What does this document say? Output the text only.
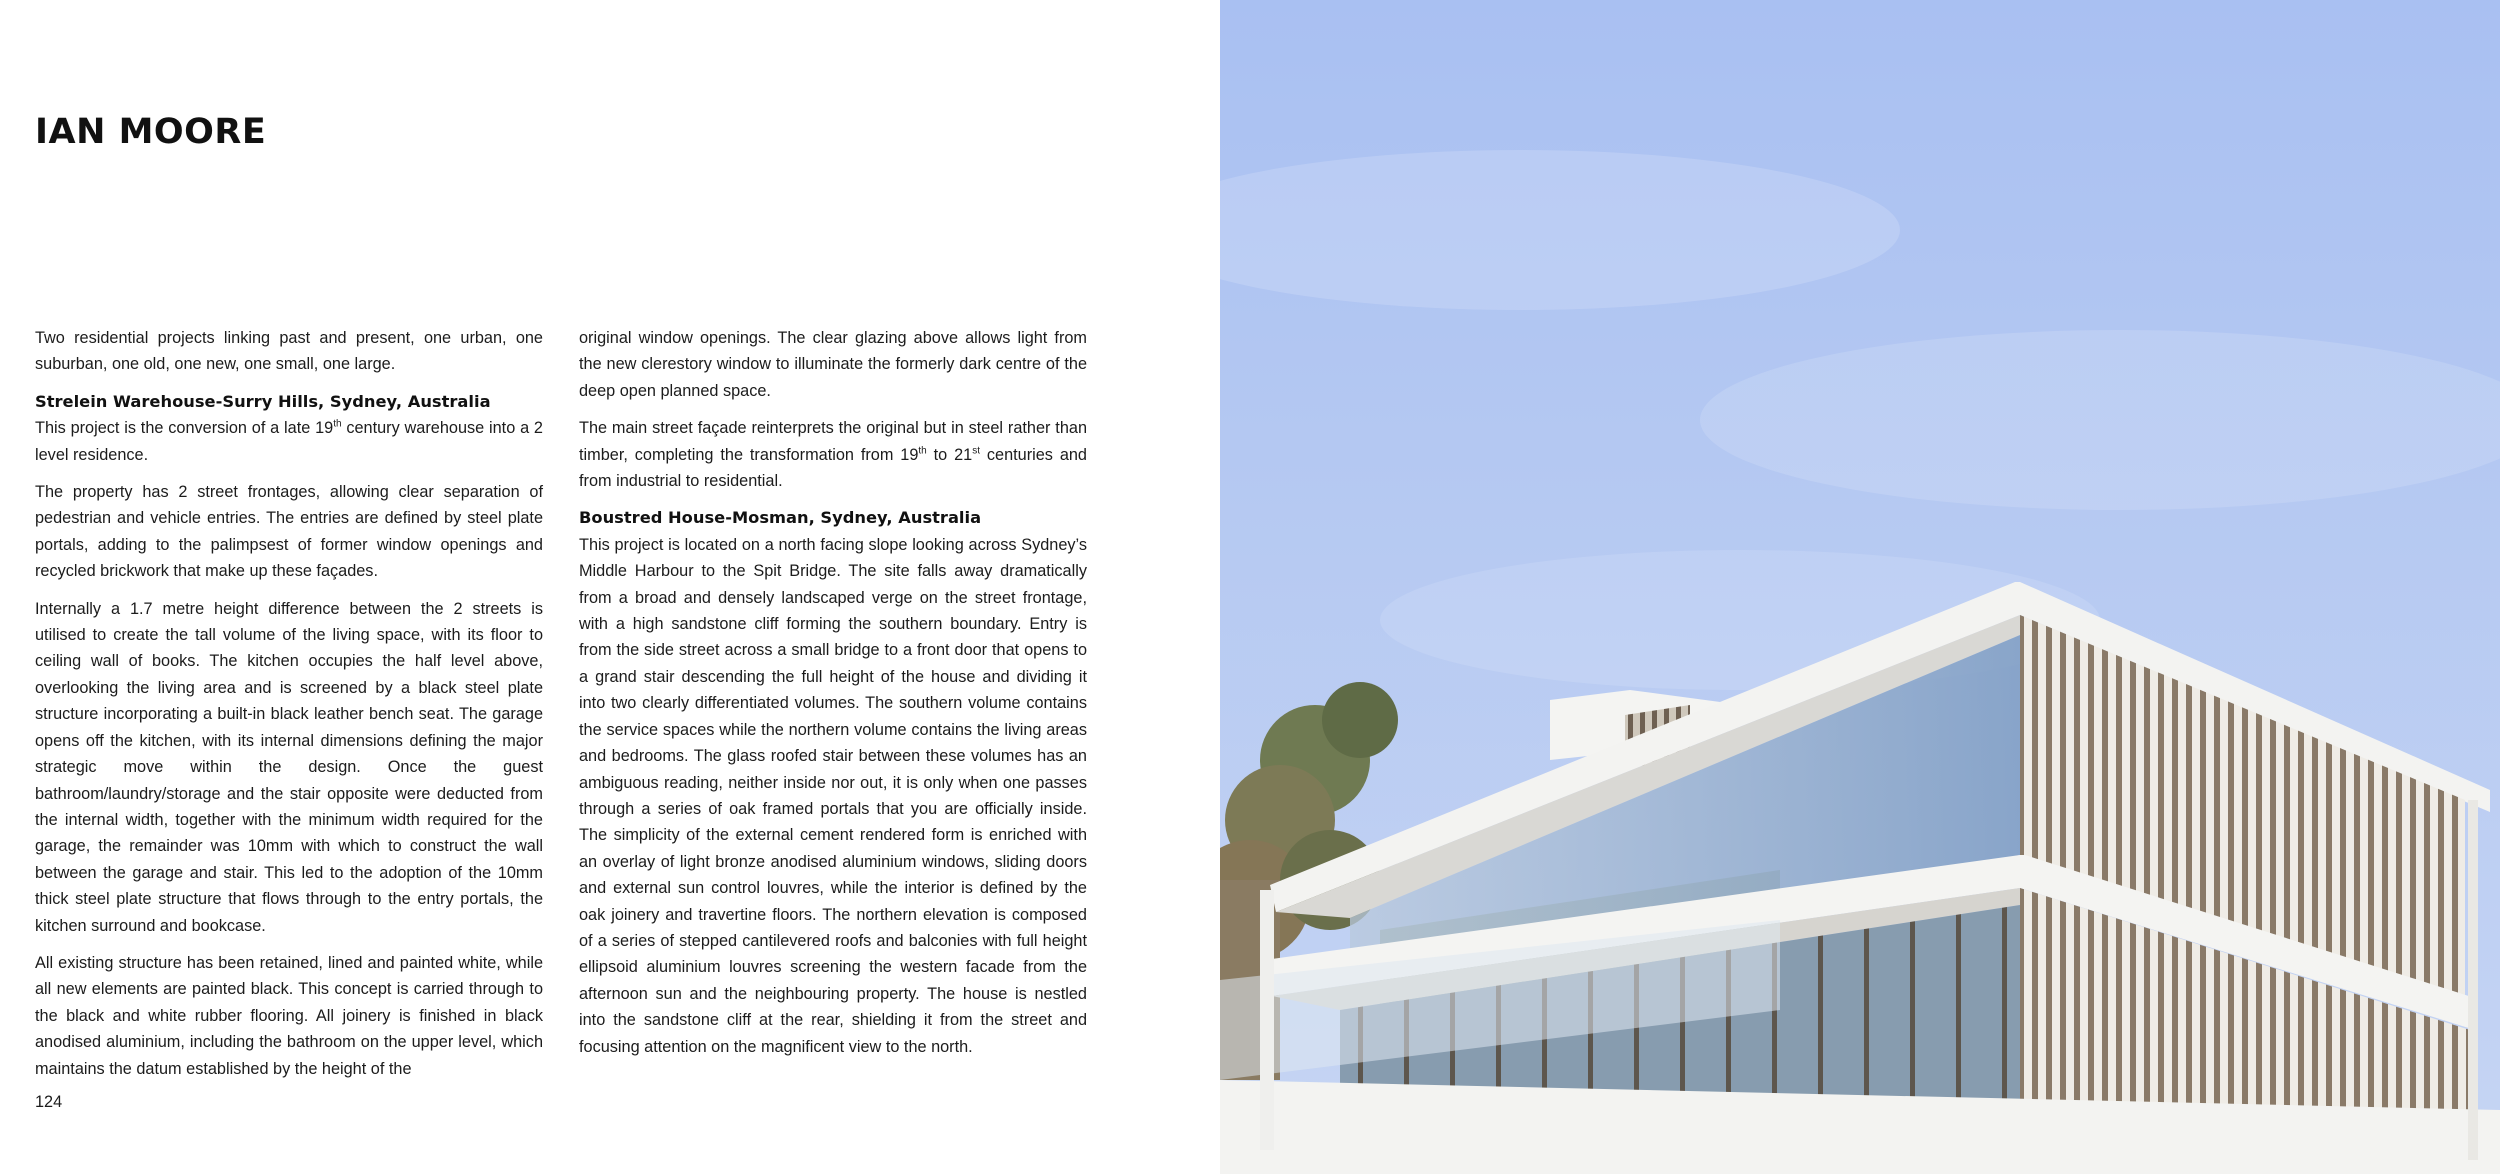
IAN MOORE

Two residential projects linking past and present, one urban, one suburban, one old, one new, one small, one large.

Strelein Warehouse-Surry Hills, Sydney, Australia

This project is the conversion of a late 19th century warehouse into a 2 level residence.

The property has 2 street frontages, allowing clear separation of pedestrian and vehicle entries. The entries are defined by steel plate portals, adding to the palimpsest of former window openings and recycled brickwork that make up these façades.

Internally a 1.7 metre height difference between the 2 streets is utilised to create the tall volume of the living space, with its floor to ceiling wall of books. The kitchen occupies the half level above, overlooking the living area and is screened by a black steel plate structure incorporating a built-in black leather bench seat. The garage opens off the kitchen, with its internal dimensions defining the major strategic move within the design. Once the guest bathroom/laundry/storage and the stair opposite were deducted from the internal width, together with the minimum width required for the garage, the remainder was 10mm with which to construct the wall between the garage and stair. This led to the adoption of the 10mm thick steel plate structure that flows through to the entry portals, the kitchen surround and bookcase.

All existing structure has been retained, lined and painted white, while all new elements are painted black. This concept is carried through to the black and white rubber flooring. All joinery is finished in black anodised aluminium, including the bathroom on the upper level, which maintains the datum established by the height of the

original window openings. The clear glazing above allows light from the new clerestory window to illuminate the formerly dark centre of the deep open planned space.

The main street façade reinterprets the original but in steel rather than timber, completing the transformation from 19th to 21st centuries and from industrial to residential.

Boustred House-Mosman, Sydney, Australia

This project is located on a north facing slope looking across Sydney’s Middle Harbour to the Spit Bridge. The site falls away dramatically from a broad and densely landscaped verge on the street frontage, with a high sandstone cliff forming the southern boundary. Entry is from the side street across a small bridge to a front door that opens to a grand stair descending the full height of the house and dividing it into two clearly differentiated volumes. The southern volume contains the service spaces while the northern volume contains the living areas and bedrooms. The glass roofed stair between these volumes has an ambiguous reading, neither inside nor out, it is only when one passes through a series of oak framed portals that you are officially inside. The simplicity of the external cement rendered form is enriched with an overlay of light bronze anodised aluminium windows, sliding doors and external sun control louvres, while the interior is defined by the oak joinery and travertine floors. The northern elevation is composed of a series of stepped cantilevered roofs and balconies with full height ellipsoid aluminium louvres screening the western facade from the afternoon sun and the neighbouring property. The house is nestled into the sandstone cliff at the rear, shielding it from the street and focusing attention on the magnificent view to the north.

124
